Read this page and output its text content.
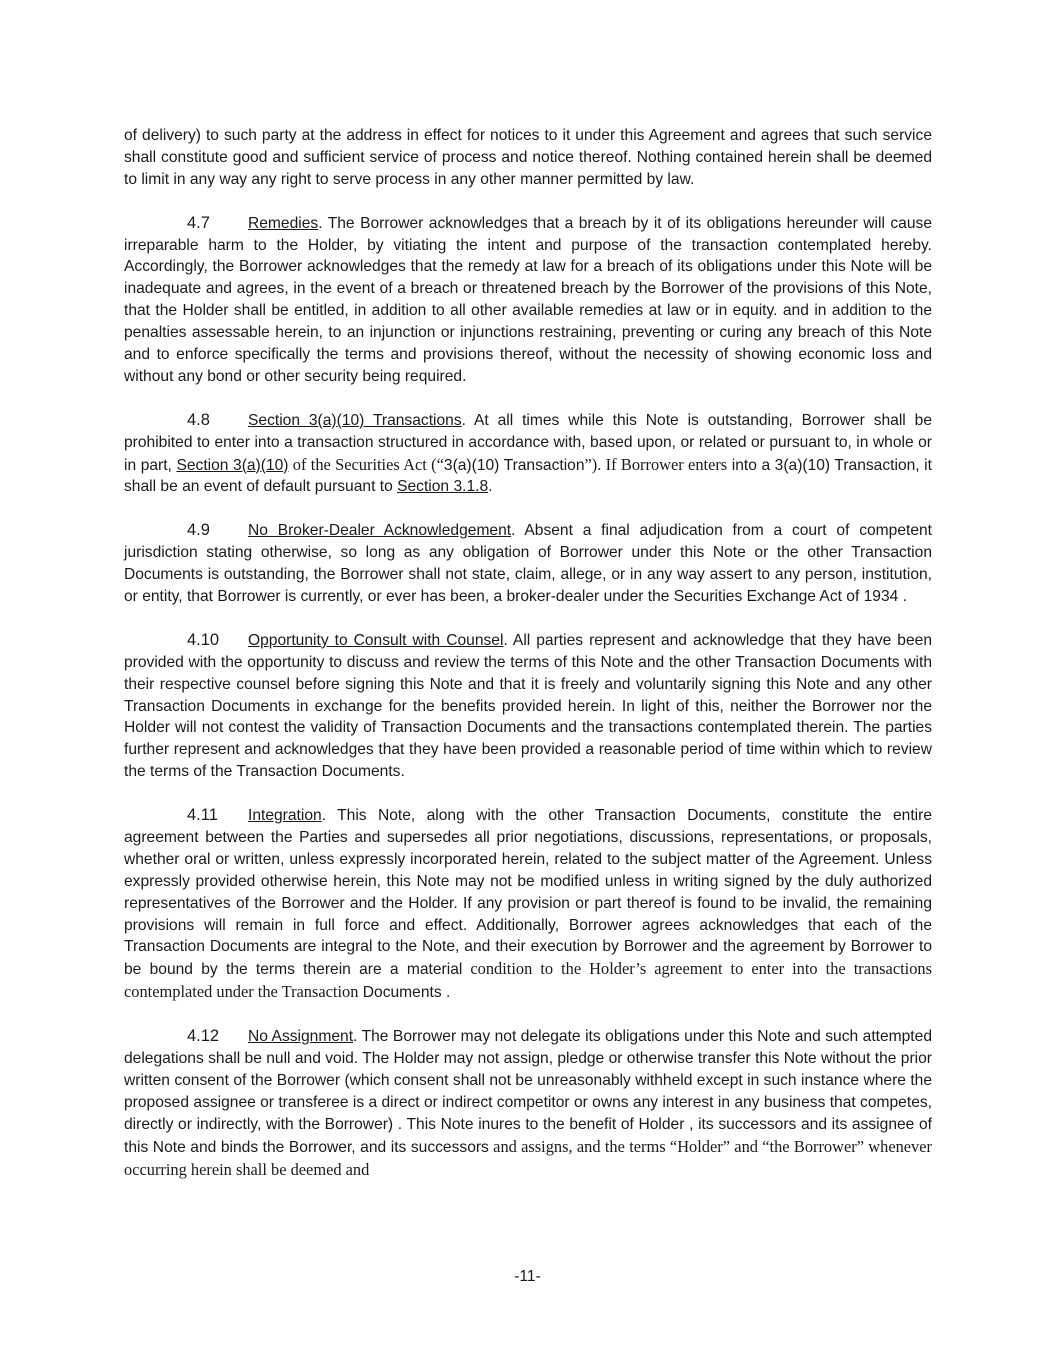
of delivery) to such party at the address in effect for notices to it under this Agreement and agrees that such service shall constitute good and sufficient service of process and notice thereof. Nothing contained herein shall be deemed to limit in any way any right to serve process in any other manner permitted by law.

4.7 Remedies. The Borrower acknowledges that a breach by it of its obligations hereunder will cause irreparable harm to the Holder, by vitiating the intent and purpose of the transaction contemplated hereby. Accordingly, the Borrower acknowledges that the remedy at law for a breach of its obligations under this Note will be inadequate and agrees, in the event of a breach or threatened breach by the Borrower of the provisions of this Note, that the Holder shall be entitled, in addition to all other available remedies at law or in equity. and in addition to the penalties assessable herein, to an injunction or injunctions restraining, preventing or curing any breach of this Note and to enforce specifically the terms and provisions thereof, without the necessity of showing economic loss and without any bond or other security being required.

4.8 Section 3(a)(10) Transactions. At all times while this Note is outstanding, Borrower shall be prohibited to enter into a transaction structured in accordance with, based upon, or related or pursuant to, in whole or in part, Section 3(a)(10) of the Securities Act (“3(a)(10) Transaction”). If Borrower enters into a 3(a)(10) Transaction, it shall be an event of default pursuant to Section 3.1.8.

4.9 No Broker-Dealer Acknowledgement. Absent a final adjudication from a court of competent jurisdiction stating otherwise, so long as any obligation of Borrower under this Note or the other Transaction Documents is outstanding, the Borrower shall not state, claim, allege, or in any way assert to any person, institution, or entity, that Borrower is currently, or ever has been, a broker-dealer under the Securities Exchange Act of 1934 .

4.10 Opportunity to Consult with Counsel. All parties represent and acknowledge that they have been provided with the opportunity to discuss and review the terms of this Note and the other Transaction Documents with their respective counsel before signing this Note and that it is freely and voluntarily signing this Note and any other Transaction Documents in exchange for the benefits provided herein. In light of this, neither the Borrower nor the Holder will not contest the validity of Transaction Documents and the transactions contemplated therein. The parties further represent and acknowledges that they have been provided a reasonable period of time within which to review the terms of the Transaction Documents.

4.11 Integration. This Note, along with the other Transaction Documents, constitute the entire agreement between the Parties and supersedes all prior negotiations, discussions, representations, or proposals, whether oral or written, unless expressly incorporated herein, related to the subject matter of the Agreement. Unless expressly provided otherwise herein, this Note may not be modified unless in writing signed by the duly authorized representatives of the Borrower and the Holder. If any provision or part thereof is found to be invalid, the remaining provisions will remain in full force and effect. Additionally, Borrower agrees acknowledges that each of the Transaction Documents are integral to the Note, and their execution by Borrower and the agreement by Borrower to be bound by the terms therein are a material condition to the Holder’s agreement to enter into the transactions contemplated under the Transaction Documents .

4.12 No Assignment. The Borrower may not delegate its obligations under this Note and such attempted delegations shall be null and void. The Holder may not assign, pledge or otherwise transfer this Note without the prior written consent of the Borrower (which consent shall not be unreasonably withheld except in such instance where the proposed assignee or transferee is a direct or indirect competitor or owns any interest in any business that competes, directly or indirectly, with the Borrower) . This Note inures to the benefit of Holder , its successors and its assignee of this Note and binds the Borrower, and its successors and assigns, and the terms “Holder” and “the Borrower” whenever occurring herein shall be deemed and

-11-
